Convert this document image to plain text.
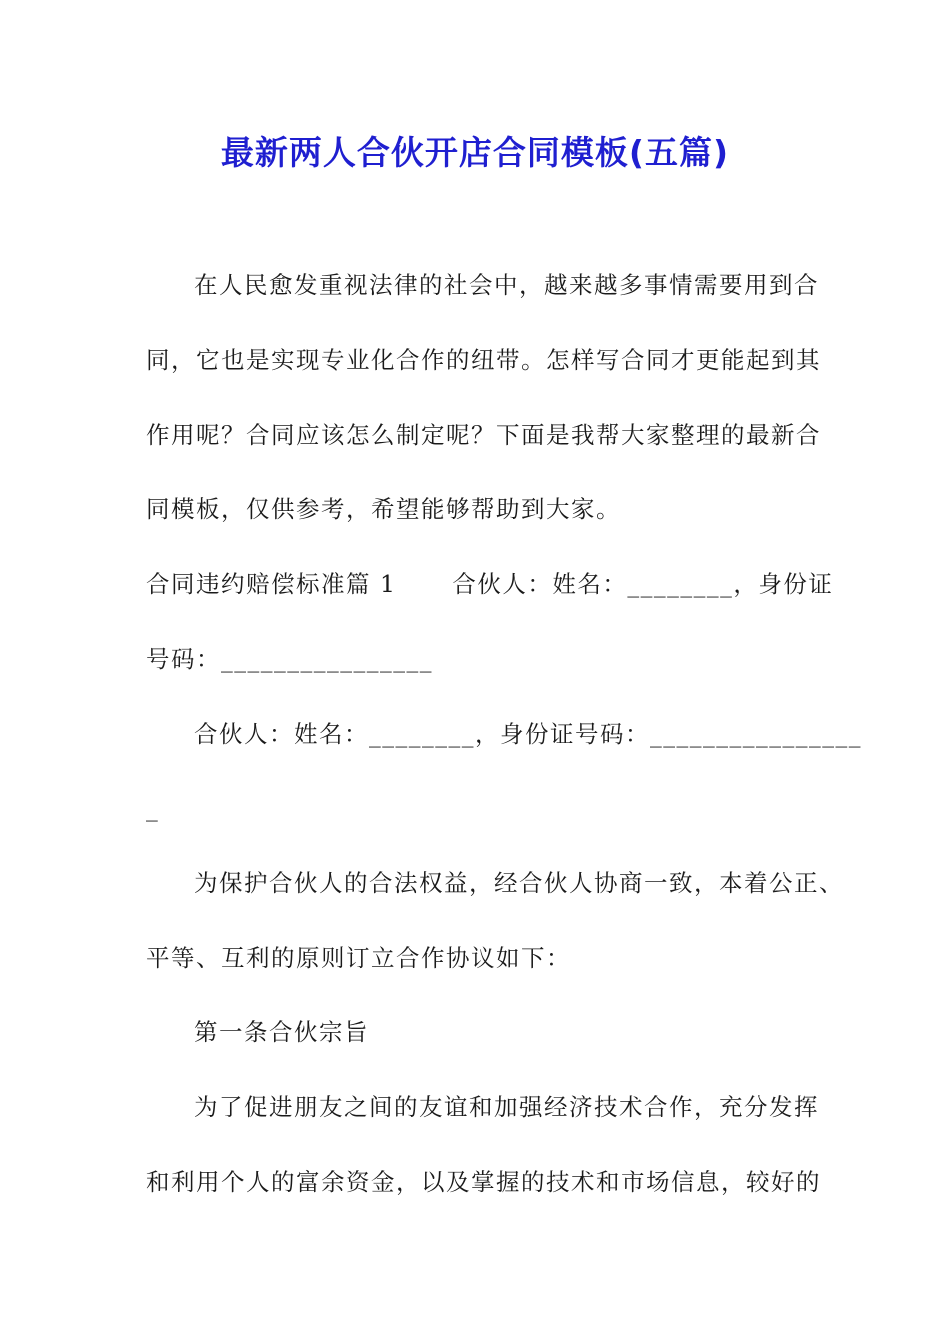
最新两人合伙开店合同模板(五篇)
在人民愈发重视法律的社会中，越来越多事情需要用到合
同，它也是实现专业化合作的纽带。怎样写合同才更能起到其
作用呢？合同应该怎么制定呢？下面是我帮大家整理的最新合
同模板，仅供参考，希望能够帮助到大家。
合同违约赔偿标准篇 1 合伙人：姓名：________，身份证
号码：________________
合伙人：姓名：________，身份证号码：________________
_
为保护合伙人的合法权益，经合伙人协商一致，本着公正、
平等、互利的原则订立合作协议如下：
第一条合伙宗旨
为了促进朋友之间的友谊和加强经济技术合作，充分发挥
和利用个人的富余资金，以及掌握的技术和市场信息，较好的
